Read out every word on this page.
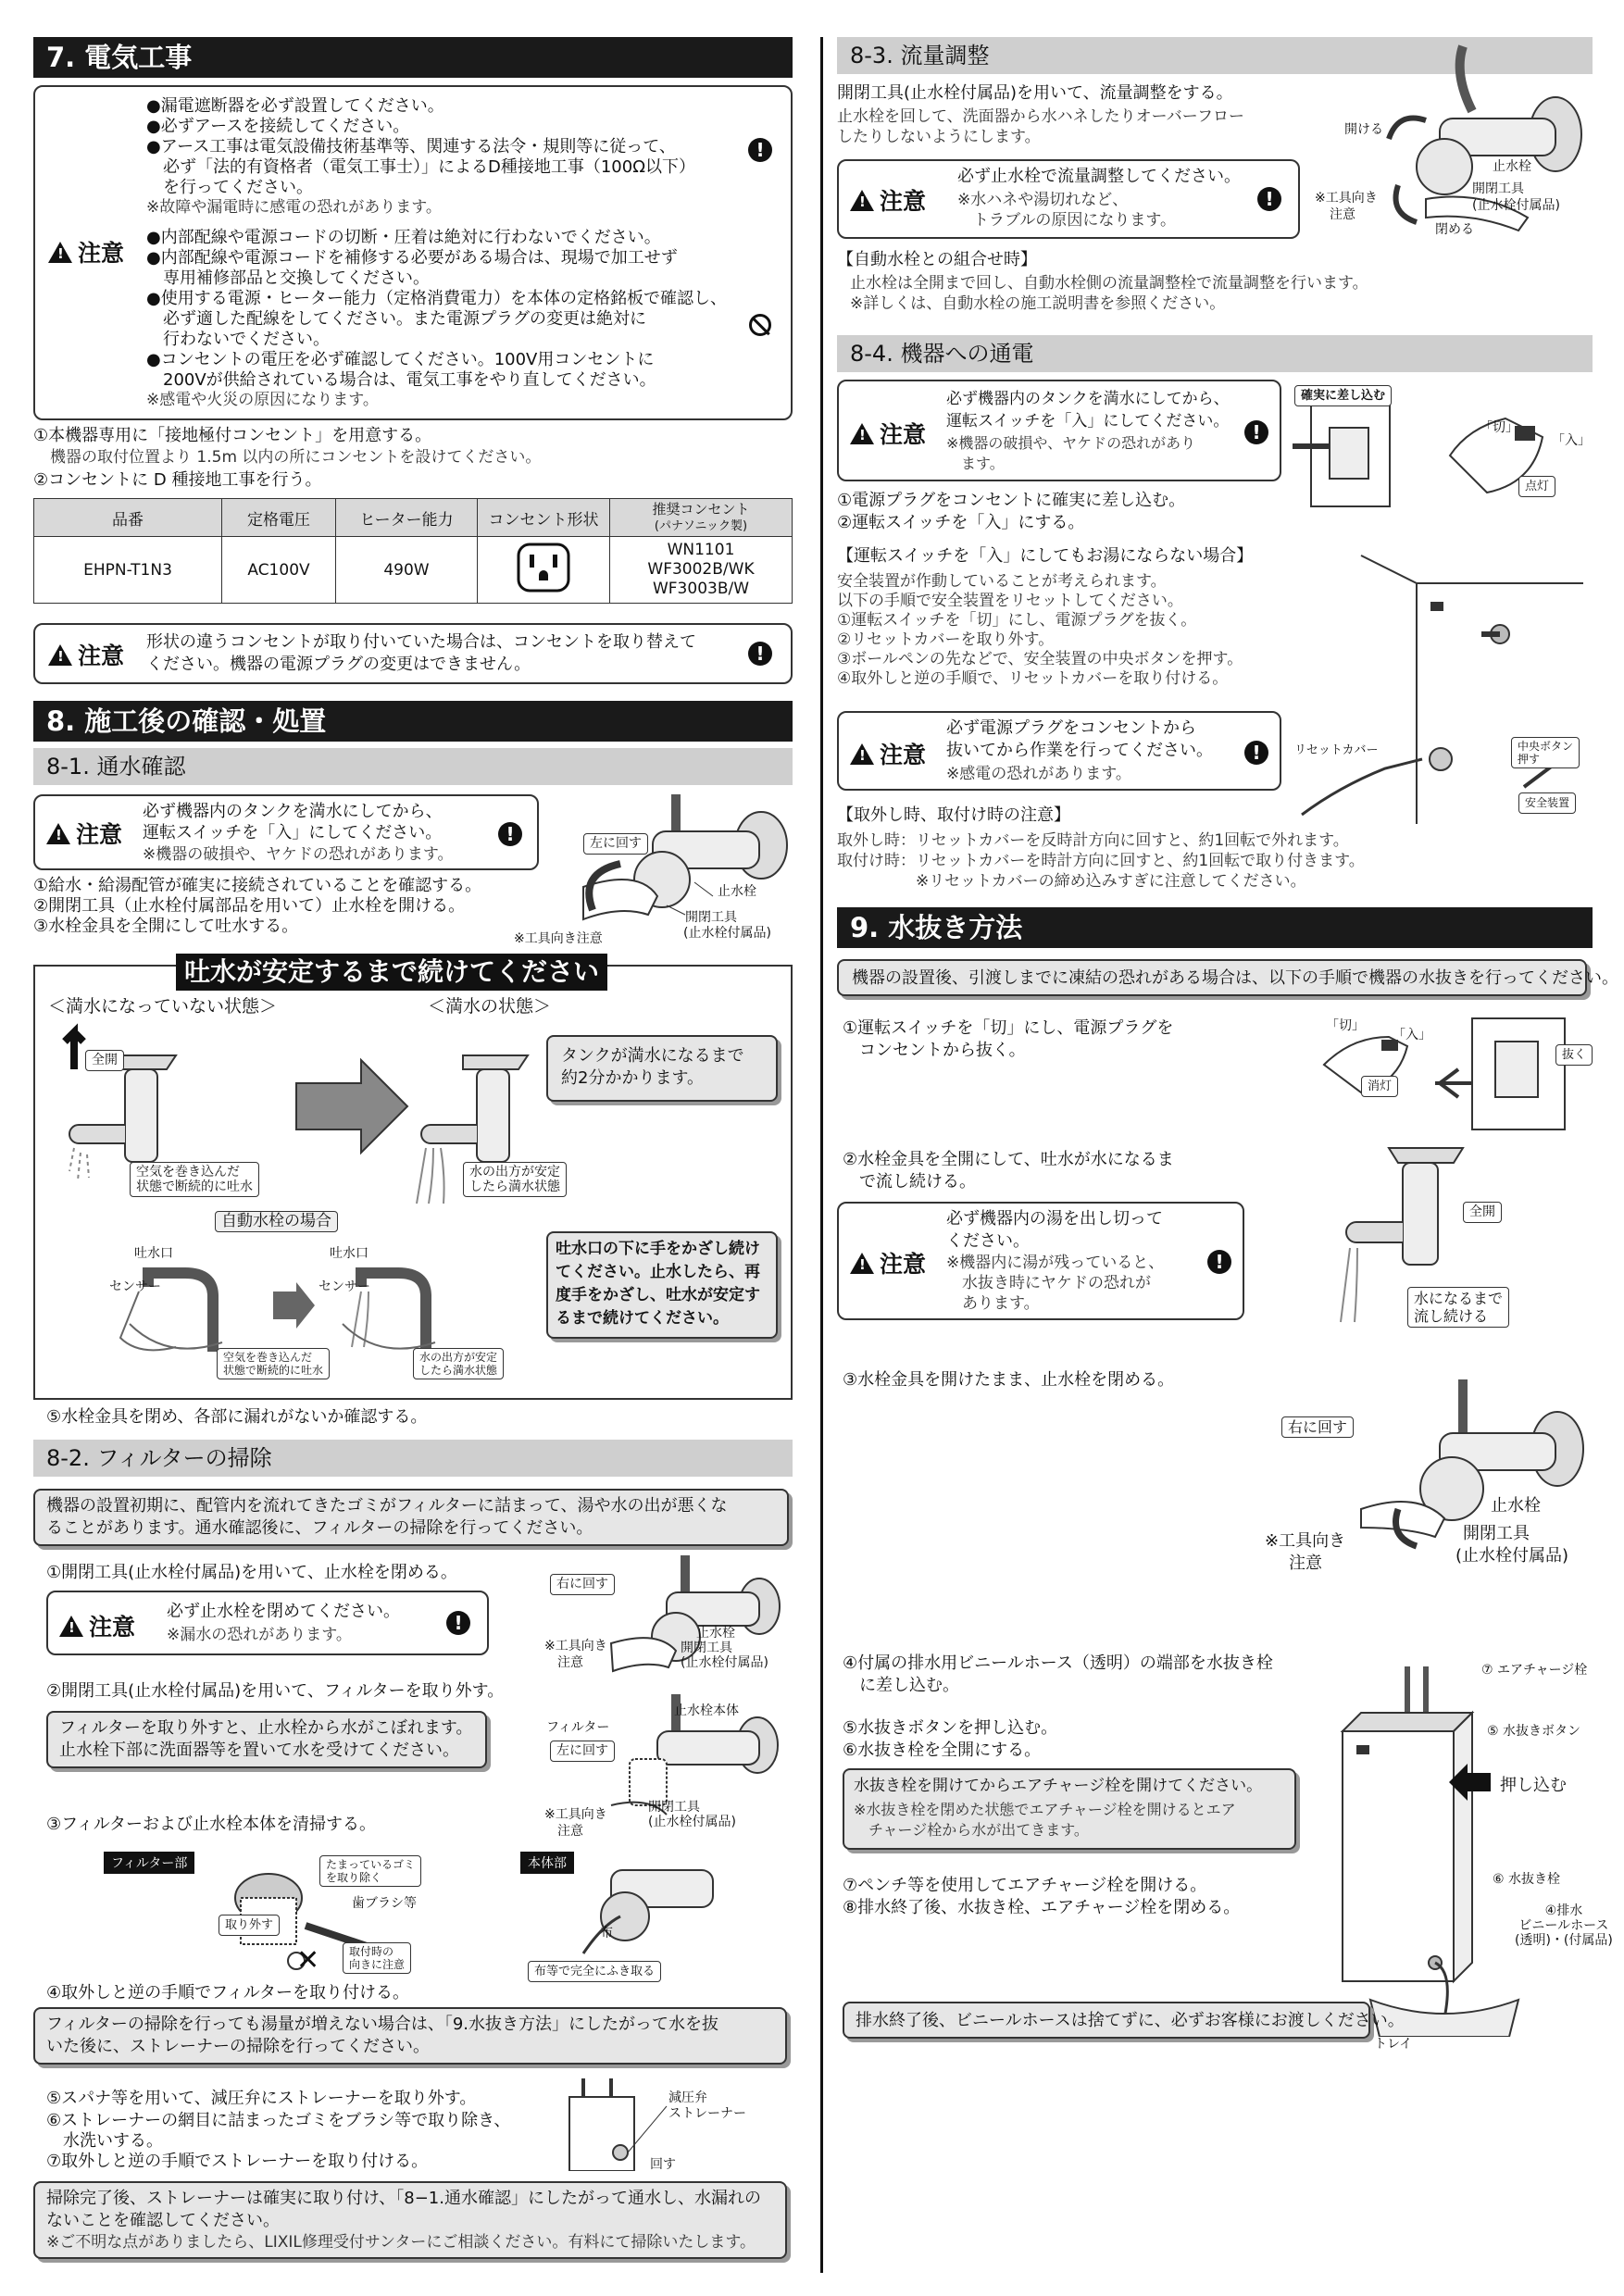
7. 電気工事
!注意
●漏電遮断器を必ず設置してください。
●必ずアースを接続してください。
●アース工事は電気設備技術基準等、関連する法令・規則等に従って、
　必ず「法的有資格者（電気工事士）」によるD種接地工事（100Ω以下）
　を行ってください。
※故障や漏電時に感電の恐れがあります。
●内部配線や電源コードの切断・圧着は絶対に行わないでください。
●内部配線や電源コードを補修する必要がある場合は、現場で加工せず
　専用補修部品と交換してください。
●使用する電源・ヒーター能力（定格消費電力）を本体の定格銘板で確認し、
　必ず適した配線をしてください。また電源プラグの変更は絶対に
　行わないでください。
●コンセントの電圧を必ず確認してください。100V用コンセントに
　200Vが供給されている場合は、電気工事をやり直してください。
※感電や火災の原因になります。
!
①本機器専用に「接地極付コンセント」を用意する。
機器の取付位置より 1.5m 以内の所にコンセントを設けてください。
②コンセントに D 種接地工事を行う。
品番	定格電圧	ヒーター能力	コンセント形状	推奨コンセント
(パナソニック製)
EHPN-T1N3	AC100V	490W		WN1101
WF3002B/WK
WF3003B/W
!注意
形状の違うコンセントが取り付いていた場合は、コンセントを取り替えて
ください。機器の電源プラグの変更はできません。	!
8. 施工後の確認・処置
8-1. 通水確認
!注意
必ず機器内のタンクを満水にしてから、
運転スイッチを「入」にしてください。
※機器の破損や、ヤケドの恐れがあります。
!
①給水・給湯配管が確実に接続されていることを確認する。
②開閉工具（止水栓付属部品を用いて）止水栓を開ける。
③水栓金具を全開にして吐水する。
左に回す
止水栓
開閉工具
(止水栓付属品)
※工具向き注意
吐水が安定するまで続けてください
＜満水になっていない状態＞	＜満水の状態＞
全開
空気を巻き込んだ
状態で断続的に吐水
水の出方が安定
したら満水状態
タンクが満水になるまで
約2分かかります。
自動水栓の場合
吐水口	吐水口
センサー	センサー
空気を巻き込んだ
状態で断続的に吐水
水の出方が安定
したら満水状態
吐水口の下に手をかざし続け
てください。止水したら、再
度手をかざし、吐水が安定す
るまで続けてください。
⑤水栓金具を閉め、各部に漏れがないか確認する。
8-2. フィルターの掃除
機器の設置初期に、配管内を流れてきたゴミがフィルターに詰まって、湯や水の出が悪くな
ることがあります。通水確認後に、フィルターの掃除を行ってください。
①開閉工具(止水栓付属品)を用いて、止水栓を閉める。
!注意
必ず止水栓を閉めてください。
※漏水の恐れがあります。
!
②開閉工具(止水栓付属品)を用いて、フィルターを取り外す。
フィルターを取り外すと、止水栓から水がこぼれます。
止水栓下部に洗面器等を置いて水を受けてください。
③フィルターおよび止水栓本体を清掃する。
右に回す
止水栓
開閉工具
(止水栓付属品)
※工具向き
注意
止水栓本体
フィルター
左に回す
開閉工具
(止水栓付属品)
※工具向き
注意
フィルター部	本体部
たまっているゴミ
を取り除く
歯ブラシ等
取り外す
✕	取付時の
向きに注意
布
布等で完全にふき取る
④取外しと逆の手順でフィルターを取り付ける。
フィルターの掃除を行っても湯量が増えない場合は、「9.水抜き方法」にしたがって水を抜
いた後に、ストレーナーの掃除を行ってください。
⑤スパナ等を用いて、減圧弁にストレーナーを取り外す。
⑥ストレーナーの網目に詰まったゴミをブラシ等で取り除き、
　水洗いする。
⑦取外しと逆の手順でストレーナーを取り付ける。
減圧弁
ストレーナー
回す
掃除完了後、ストレーナーは確実に取り付け、「8−1.通水確認」にしたがって通水し、水漏れの
ないことを確認してください。
※ご不明な点がありましたら、LIXIL修理受付サンターにご相談ください。有料にて掃除いたします。
8-3. 流量調整
開閉工具(止水栓付属品)を用いて、流量調整をする。
止水栓を回して、洗面器から水ハネしたりオーバーフロー
したりしないようにします。
!注意
必ず止水栓で流量調整してください。
※水ハネや湯切れなど、
　トラブルの原因になります。
!
開ける
止水栓
開閉工具
(止水栓付属品)
※工具向き
注意
閉める
【自動水栓との組合せ時】
止水栓は全開まで回し、自動水栓側の流量調整栓で流量調整を行います。
※詳しくは、自動水栓の施工説明書を参照ください。
8-4. 機器への通電
!注意
必ず機器内のタンクを満水にしてから、
運転スイッチを「入」にしてください。
※機器の破損や、ヤケドの恐れがあり
　ます。
!
確実に差し込む
「切」
「入」
点灯
①電源プラグをコンセントに確実に差し込む。
②運転スイッチを「入」にする。
【運転スイッチを「入」にしてもお湯にならない場合】
安全装置が作動していることが考えられます。
以下の手順で安全装置をリセットしてください。
①運転スイッチを「切」にし、電源プラグを抜く。
②リセットカバーを取り外す。
③ボールペンの先などで、安全装置の中央ボタンを押す。
④取外しと逆の手順で、リセットカバーを取り付ける。
!注意
必ず電源プラグをコンセントから
抜いてから作業を行ってください。
※感電の恐れがあります。
!	リセットカバー	中央ボタン
押す
安全装置
【取外し時、取付け時の注意】
取外し時：リセットカバーを反時計方向に回すと、約1回転で外れます。
取付け時：リセットカバーを時計方向に回すと、約1回転で取り付きます。
　　　　　※リセットカバーの締め込みすぎに注意してください。
9. 水抜き方法
機器の設置後、引渡しまでに凍結の恐れがある場合は、以下の手順で機器の水抜きを行ってください。
①運転スイッチを「切」にし、電源プラグを
　コンセントから抜く。
「切」
「入」
消灯
抜く
②水栓金具を全開にして、吐水が水になるま
　で流し続ける。
!注意
必ず機器内の湯を出し切って
ください。
※機器内に湯が残っていると、
　水抜き時にヤケドの恐れが
　あります。
!
全開
水になるまで
流し続ける
③水栓金具を開けたまま、止水栓を閉める。
右に回す
止水栓
開閉工具
(止水栓付属品)
※工具向き
注意
④付属の排水用ビニールホース（透明）の端部を水抜き栓
　に差し込む。
⑤水抜きボタンを押し込む。
⑥水抜き栓を全開にする。
水抜き栓を開けてからエアチャージ栓を開けてください。
※水抜き栓を閉めた状態でエアチャージ栓を開けるとエア
　チャージ栓から水が出てきます。
⑦ペンチ等を使用してエアチャージ栓を開ける。
⑧排水終了後、水抜き栓、エアチャージ栓を閉める。
⑦ エアチャージ栓
⑤ 水抜きボタン
押し込む
⑥ 水抜き栓
④排水
ビニールホース
(透明)・(付属品)
トレイ
排水終了後、ビニールホースは捨てずに、必ずお客様にお渡しください。
